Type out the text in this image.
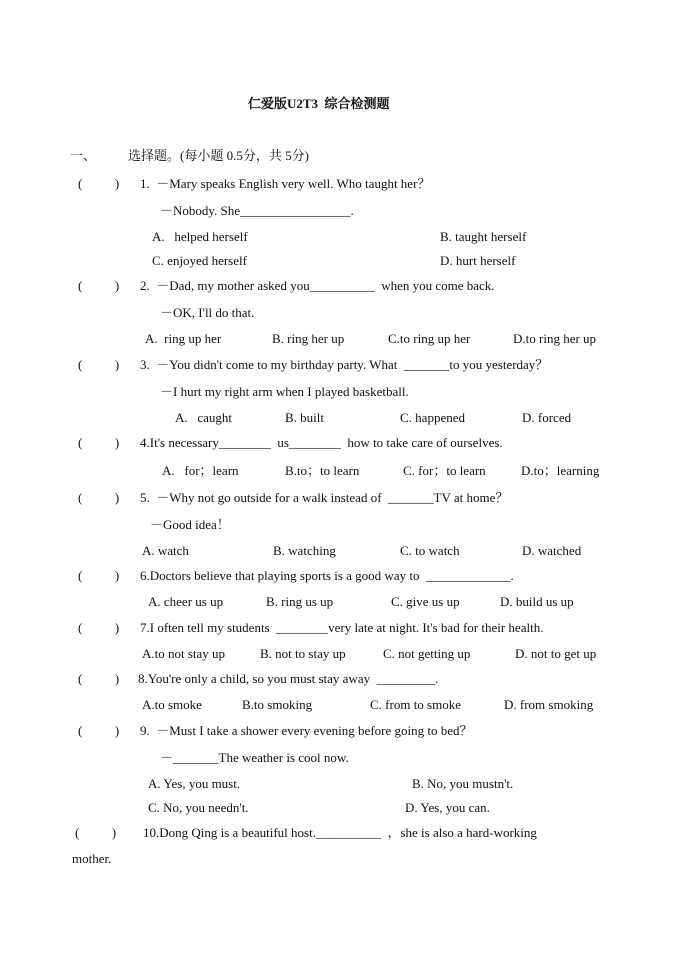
仁爱版U2T3  综合检测题
一、 选择题。(每小题 0.5分，共 5分)
(          ) 1.  －Mary speaks English very well. Who taught her？
－Nobody. She_________________.
A.   helped herself	B. taught herself
C. enjoyed herself	D. hurt herself
(          ) 2.  －Dad, my mother asked you__________  when you come back.
－OK, I'll do that.
A.  ring up her	B. ring her up	C.to ring up her	D.to ring her up
(          ) 3.  －You didn't come to my birthday party. What  _______to you yesterday？
－I hurt my right arm when I played basketball.
A.   caught	B. built	C. happened	D. forced
(          ) 4.It's necessary________  us________  how to take care of ourselves.
A.   for；learn	B.to；to learn	C. for；to learn	D.to；learning
(          ) 5.  －Why not go outside for a walk instead of  _______TV at home？
－Good idea！
A. watch	B. watching	C. to watch	D. watched
(          ) 6.Doctors believe that playing sports is a good way to  _____________.
A. cheer us up	B. ring us up	C. give us up	D. build us up
(          ) 7.I often tell my students  ________very late at night. It's bad for their health.
A.to not stay up	B. not to stay up	C. not getting up	D. not to get up
(          ) 8.You're only a child, so you must stay away  _________.
A.to smoke	B.to smoking	C. from to smoke	D. from smoking
(          ) 9.  －Must I take a shower every evening before going to bed？
－_______The weather is cool now.
A. Yes, you must.	B. No, you mustn't.
C. No, you needn't.	D. Yes, you can.
(          ) 10.Dong Qing is a beautiful host.__________  ，she is also a hard-working
mother.
